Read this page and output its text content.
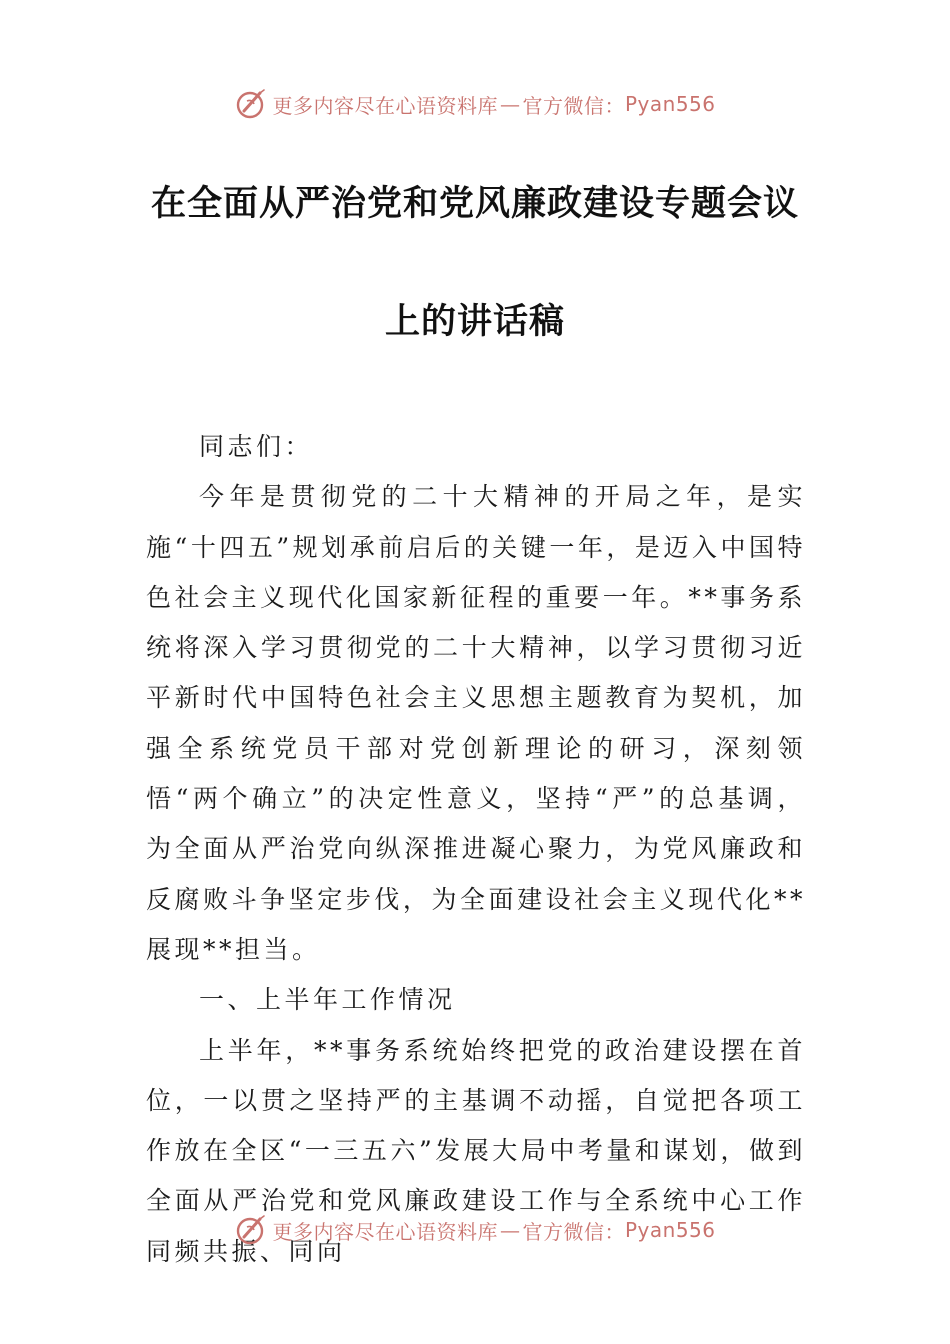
更多内容尽在心语资料库 — 官方微信： Pyan556
在全面从严治党和党风廉政建设专题会议
上的讲话稿

同志们：

今年是贯彻党的二十大精神的开局之年，是实施“十四五”规划承前启后的关键一年，是迈入中国特色社会主义现代化国家新征程的重要一年。**事务系统将深入学习贯彻党的二十大精神，以学习贯彻习近平新时代中国特色社会主义思想主题教育为契机，加强全系统党员干部对党创新理论的研习，深刻领悟“两个确立”的决定性意义，坚持“严”的总基调，为全面从严治党向纵深推进凝心聚力，为党风廉政和反腐败斗争坚定步伐，为全面建设社会主义现代化**展现**担当。

一、上半年工作情况

上半年，**事务系统始终把党的政治建设摆在首位，一以贯之坚持严的主基调不动摇，自觉把各项工作放在全区“一三五六”发展大局中考量和谋划，做到全面从严治党和党风廉政建设工作与全系统中心工作同频共振、同向

更多内容尽在心语资料库 — 官方微信： Pyan556
